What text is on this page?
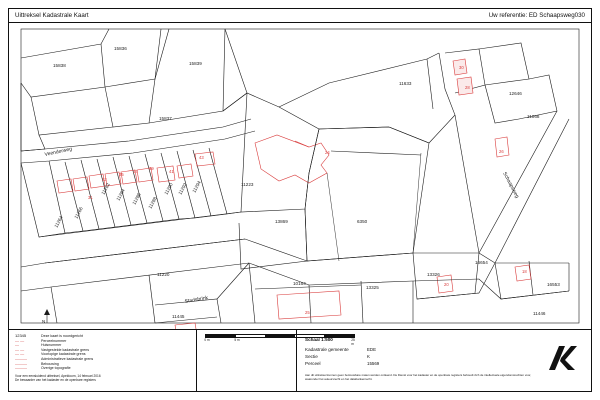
Uittreksel Kadastrale Kaart	Uw referentie: ED Schaapsweg030
N
15838
15836
15839
15837
11633
12646
11068
11223
13869	6350
11220
10164
13325
13326
16654
16553
11445
11446
11282 11284 11286 11288
11290 11292 11294
11264
11266
31
33
35
37
39
41
43
30
28
26
24
25
20
18
Veenderweg
Schaapsweg
Stadsbrink
12345	Deze kaart is noordgericht
— —	Perceelnummer
—	Huisnummer
— —	Vastgestelde kadastrale grens
— —	Voorlopige kadastrale grens
———	Administratieve kadastrale grens
———	Bebouwing
———	Overige topografie
Voor een eensluidend uittreksel, Apeldoorn, 14 februari 2016
De bewaarder van het kadaster en de openbare registers
0 m	5 m	25 m
Schaal 1:500
Kadastrale gemeente	EDE
Sectie	K
Perceel	15569
Aan dit uittreksel kunnen geen betrouwbare maten worden ontleend. De Dienst voor het kadaster en de openbare registers behoudt zich de intellectuele eigendomsrechten voor, waaronder het auteursrecht en het databankenrecht.
